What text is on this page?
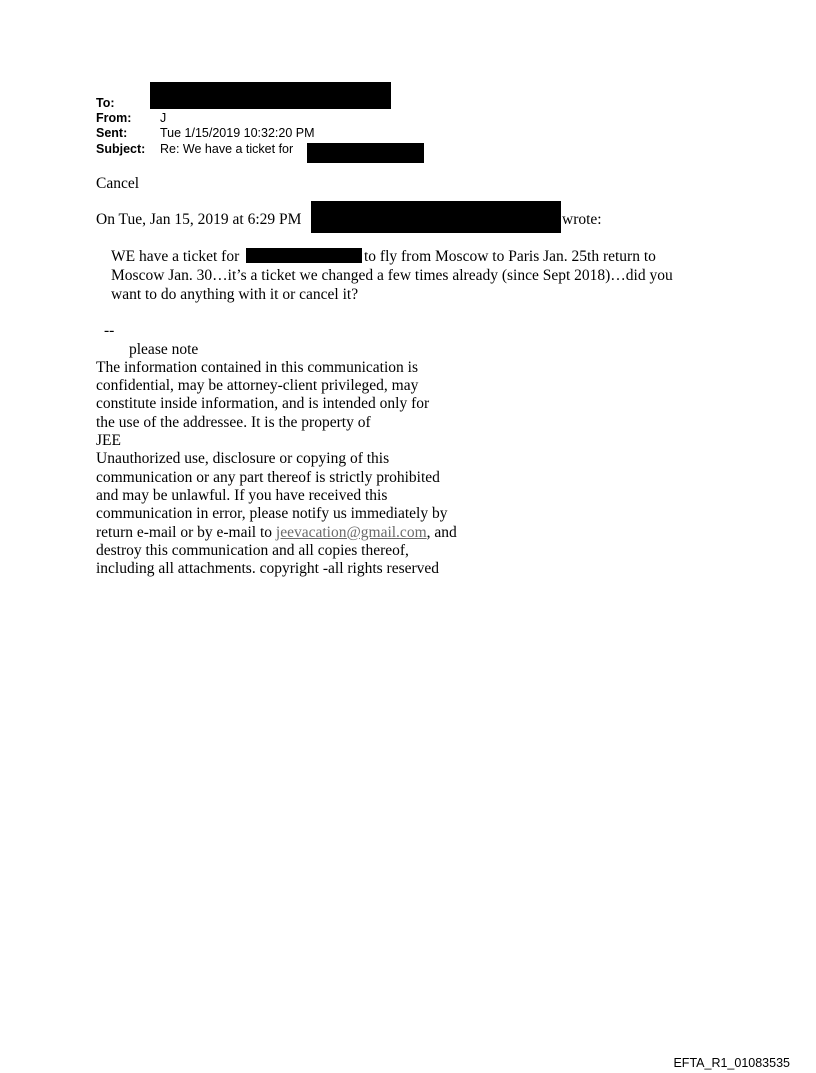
To:
From: J
Sent:	Tue 1/15/2019 10:32:20 PM
Subject: Re: We have a ticket for
Cancel
On Tue, Jan 15, 2019 at 6:29 PM	wrote:
WE have a ticket for	to fly from Moscow to Paris Jan. 25th return to
Moscow Jan. 30…it’s a ticket we changed a few times already (since Sept 2018)…did you
want to do anything with it or cancel it?
--
please note
The information contained in this communication is
confidential, may be attorney-client privileged, may
constitute inside information, and is intended only for
the use of the addressee. It is the property of
JEE
Unauthorized use, disclosure or copying of this
communication or any part thereof is strictly prohibited
and may be unlawful. If you have received this
communication in error, please notify us immediately by
return e-mail or by e-mail to jeevacation@gmail.com, and
destroy this communication and all copies thereof,
including all attachments. copyright -all rights reserved
EFTA_R1_01083535
